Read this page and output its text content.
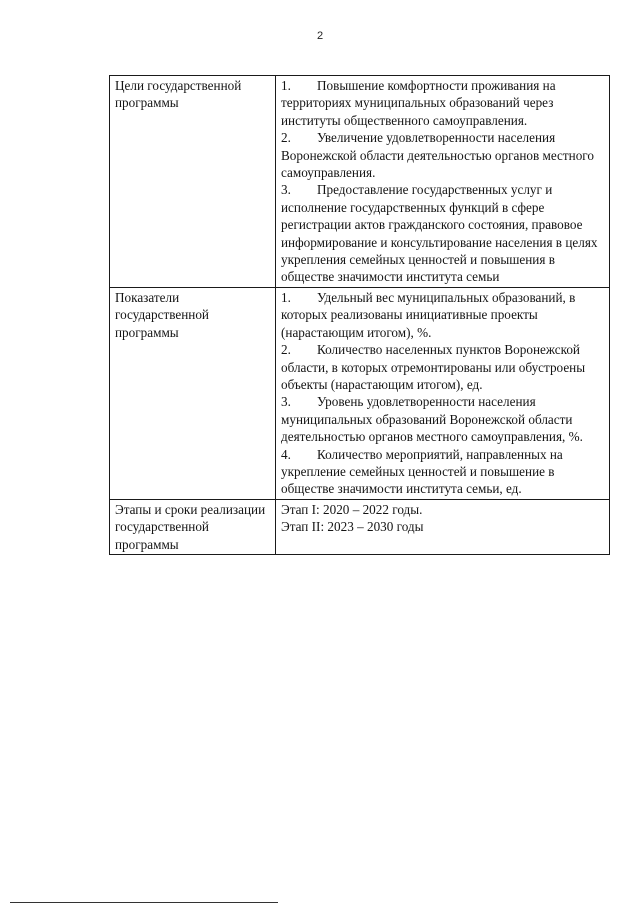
2
Цели государственной программы	1. Повышение комфортности проживания на территориях муниципальных образований через институты общественного самоуправления.
2. Увеличение удовлетворенности населения Воронежской области деятельностью органов местного самоуправления.
3. Предоставление государственных услуг и исполнение государственных функций в сфере регистрации актов гражданского состояния, правовое информирование и консультирование населения в целях укрепления семейных ценностей и повышения в обществе значимости института семьи

Показатели государственной программы	1. Удельный вес муниципальных образований, в которых реализованы инициативные проекты (нарастающим итогом), %.
2. Количество населенных пунктов Воронежской области, в которых отремонтированы или обустроены объекты (нарастающим итогом), ед.
3. Уровень удовлетворенности населения муниципальных образований Воронежской области деятельностью органов местного самоуправления, %.
4. Количество мероприятий, направленных на укрепление семейных ценностей и повышение в обществе значимости института семьи, ед.

Этапы и сроки реализации государственной программы	Этап I: 2020 – 2022 годы.
Этап II: 2023 – 2030 годы
